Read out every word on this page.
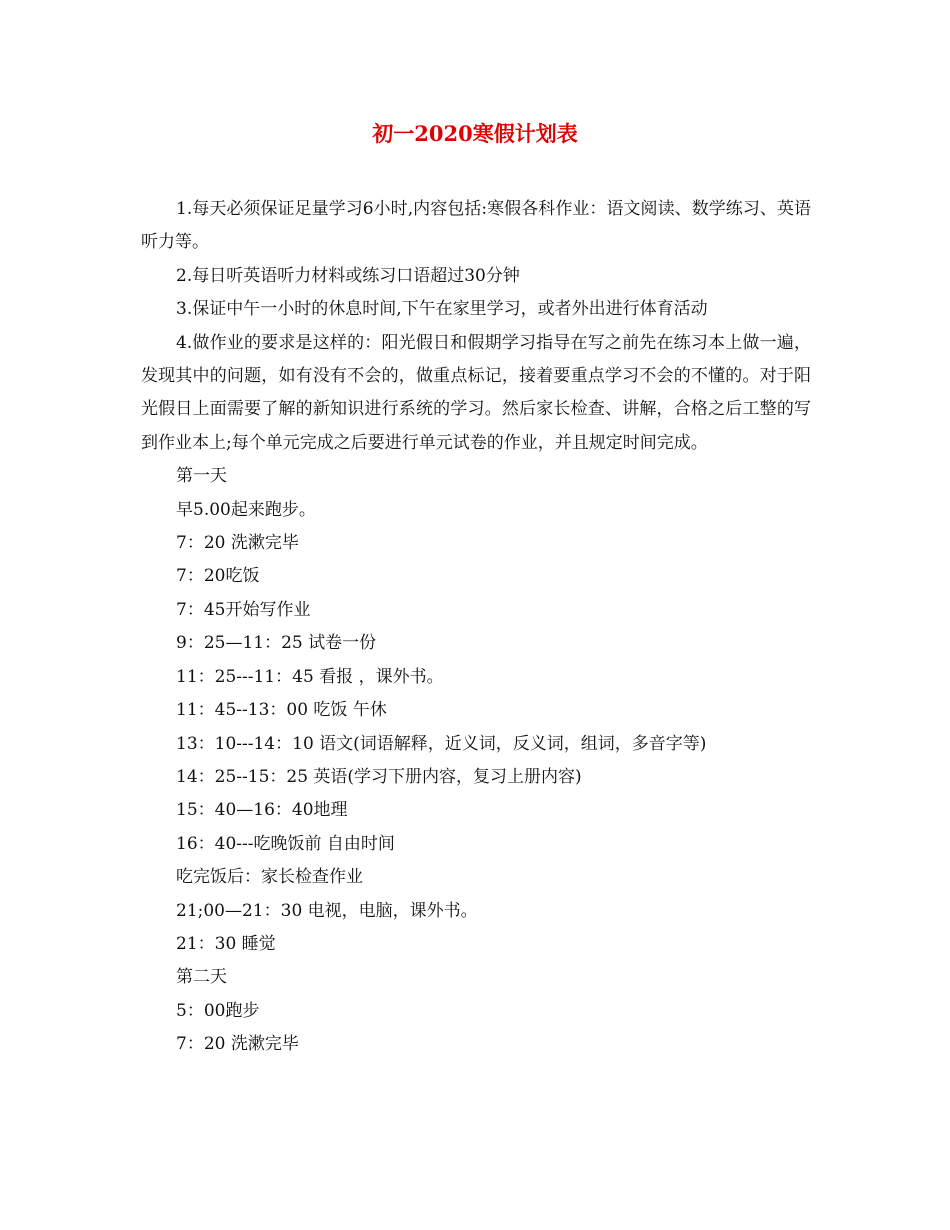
初一2020寒假计划表

1.每天必须保证足量学习6小时,内容包括:寒假各科作业：语文阅读、数学练习、英语听力等。

2.每日听英语听力材料或练习口语超过30分钟

3.保证中午一小时的休息时间,下午在家里学习，或者外出进行体育活动

4.做作业的要求是这样的：阳光假日和假期学习指导在写之前先在练习本上做一遍，发现其中的问题，如有没有不会的，做重点标记，接着要重点学习不会的不懂的。对于阳光假日上面需要了解的新知识进行系统的学习。然后家长检查、讲解，合格之后工整的写到作业本上;每个单元完成之后要进行单元试卷的作业，并且规定时间完成。

第一天

早5.00起来跑步。

7：20 洗漱完毕

7：20吃饭

7：45开始写作业

9：25—11：25 试卷一份

11：25---11：45 看报 ，课外书。

11：45--13：00 吃饭 午休

13：10---14：10 语文(词语解释，近义词，反义词，组词，多音字等)

14：25--15：25 英语(学习下册内容，复习上册内容)

15：40—16：40地理

16：40---吃晚饭前 自由时间

吃完饭后：家长检查作业

21;00—21：30 电视，电脑，课外书。

21：30 睡觉

第二天

5：00跑步

7：20 洗漱完毕
